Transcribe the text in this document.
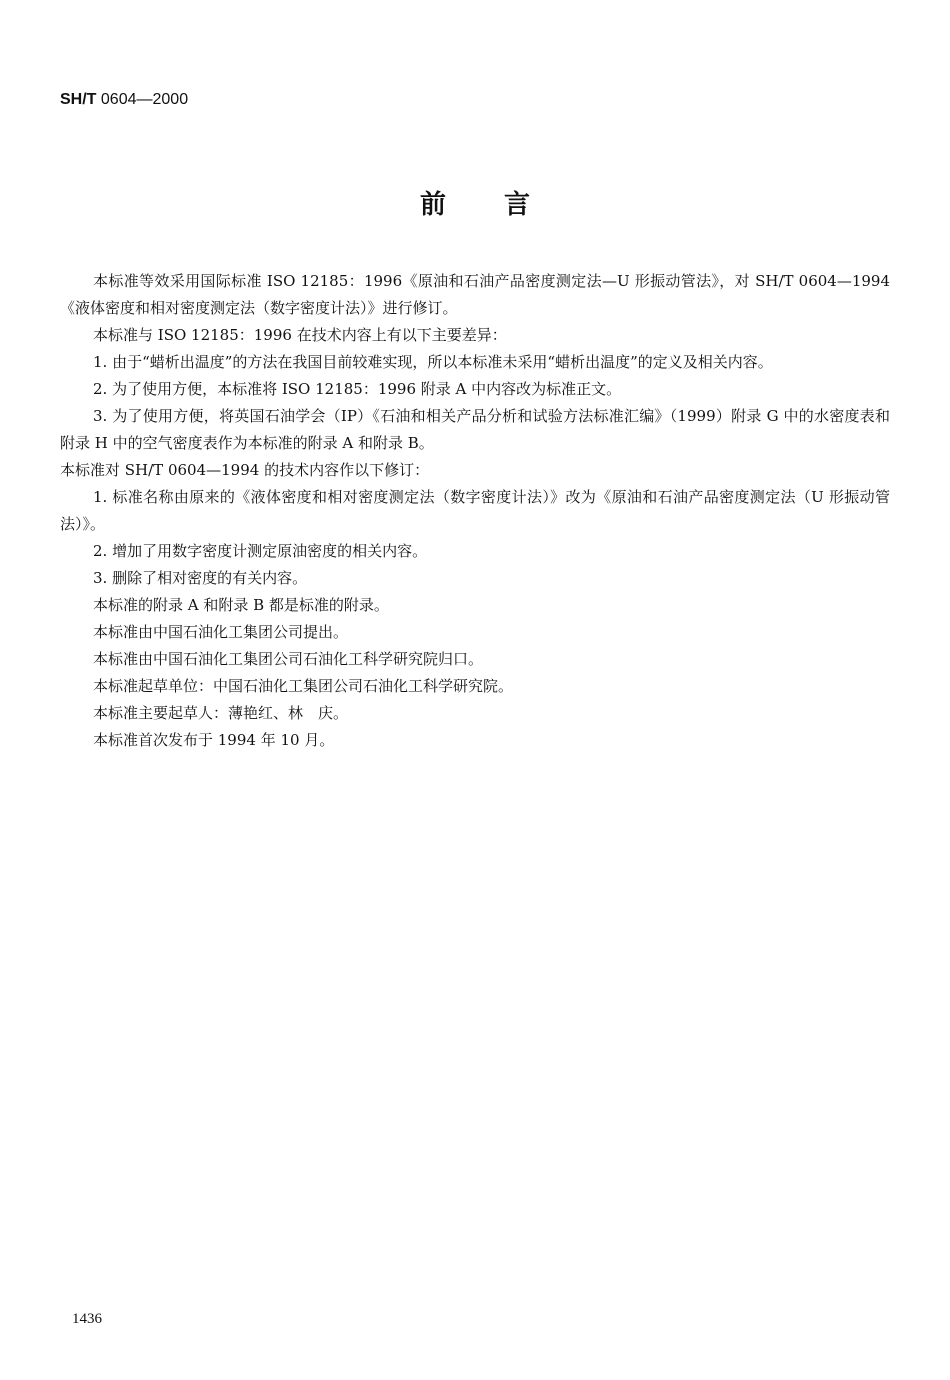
SH/T 0604—2000
前言

本标准等效采用国际标准 ISO 12185：1996《原油和石油产品密度测定法—U 形振动管法》，对 SH/T 0604—1994《液体密度和相对密度测定法（数字密度计法）》进行修订。

本标准与 ISO 12185：1996 在技术内容上有以下主要差异：

1. 由于“蜡析出温度”的方法在我国目前较难实现，所以本标准未采用“蜡析出温度”的定义及相关内容。

2. 为了使用方便，本标准将 ISO 12185：1996 附录 A 中内容改为标准正文。

3. 为了使用方便，将英国石油学会（IP）《石油和相关产品分析和试验方法标准汇编》（1999）附录 G 中的水密度表和附录 H 中的空气密度表作为本标准的附录 A 和附录 B。

本标准对 SH/T 0604—1994 的技术内容作以下修订：

1. 标准名称由原来的《液体密度和相对密度测定法（数字密度计法）》改为《原油和石油产品密度测定法（U 形振动管法）》。

2. 增加了用数字密度计测定原油密度的相关内容。

3. 删除了相对密度的有关内容。

本标准的附录 A 和附录 B 都是标准的附录。

本标准由中国石油化工集团公司提出。

本标准由中国石油化工集团公司石油化工科学研究院归口。

本标准起草单位：中国石油化工集团公司石油化工科学研究院。

本标准主要起草人：薄艳红、林　庆。

本标准首次发布于 1994 年 10 月。

1436
